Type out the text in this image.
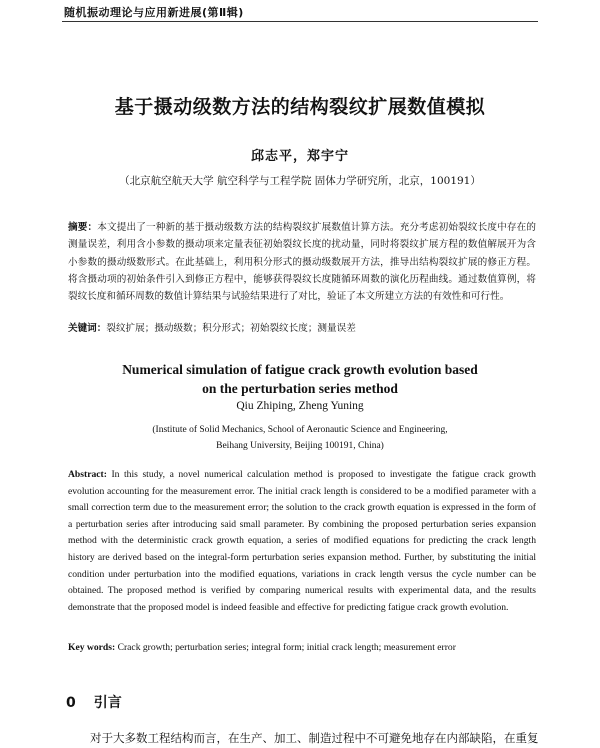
随机振动理论与应用新进展(第Ⅱ辑)
基于摄动级数方法的结构裂纹扩展数值模拟
邱志平，郑宇宁
（北京航空航天大学 航空科学与工程学院 固体力学研究所，北京，100191）
摘要：本文提出了一种新的基于摄动级数方法的结构裂纹扩展数值计算方法。充分考虑初始裂纹长度中存在的测量误差，利用含小参数的摄动项来定量表征初始裂纹长度的扰动量，同时将裂纹扩展方程的数值解展开为含小参数的摄动级数形式。在此基础上，利用积分形式的摄动级数展开方法，推导出结构裂纹扩展的修正方程。将含摄动项的初始条件引入到修正方程中，能够获得裂纹长度随循环周数的演化历程曲线。通过数值算例，将裂纹长度和循环周数的数值计算结果与试验结果进行了对比，验证了本文所建立方法的有效性和可行性。
关键词：裂纹扩展；摄动级数；积分形式；初始裂纹长度；测量误差
Numerical simulation of fatigue crack growth evolution based
on the perturbation series method
Qiu Zhiping, Zheng Yuning
(Institute of Solid Mechanics, School of Aeronautic Science and Engineering,
Beihang University, Beijing 100191, China)
Abstract: In this study, a novel numerical calculation method is proposed to investigate the fatigue crack growth evolution accounting for the measurement error. The initial crack length is considered to be a modified parameter with a small correction term due to the measurement error; the solution to the crack growth equation is expressed in the form of a perturbation series after introducing said small parameter. By combining the proposed perturbation series expansion method with the deterministic crack growth equation, a series of modified equations for predicting the crack length history are derived based on the integral-form perturbation series expansion method. Further, by substituting the initial condition under perturbation into the modified equations, variations in crack length versus the cycle number can be obtained. The proposed method is verified by comparing numerical results with experimental data, and the results demonstrate that the proposed model is indeed feasible and effective for predicting fatigue crack growth evolution.
Key words: Crack growth; perturbation series; integral form; initial crack length; measurement error
0 引言
对于大多数工程结构而言，在生产、加工、制造过程中不可避免地存在内部缺陷，在重复
